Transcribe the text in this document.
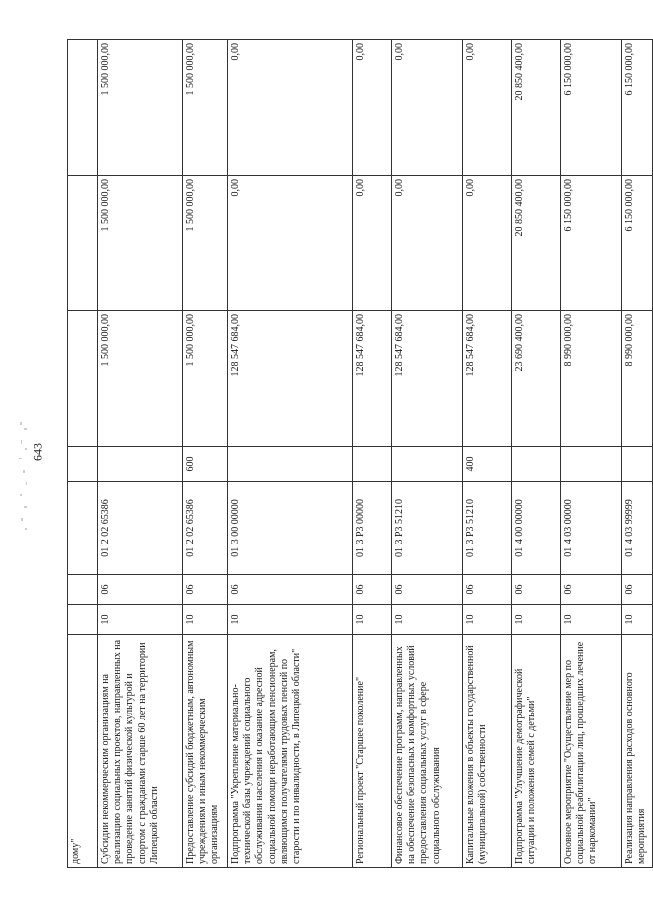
643
дому"							
Субсидии некоммерческим организациям на реализацию социальных проектов, направленных на проведение занятий физической культурой и спортом с гражданами старше 60 лет на территории Липецкой области	10	06	01 2 02 65386		1 500 000,00	1 500 000,00	1 500 000,00
Предоставление субсидий бюджетным, автономным учреждениям и иным некоммерческим организациям	10	06	01 2 02 65386	600	1 500 000,00	1 500 000,00	1 500 000,00
Подпрограмма "Укрепление материально-технической базы учреждений социального обслуживания населения и оказание адресной социальной помощи неработающим пенсионерам, являющимся получателями трудовых пенсий по старости и по инвалидности, в Липецкой области"	10	06	01 3 00 00000		128 547 684,00	0,00	0,00
Региональный проект "Старшее поколение"	10	06	01 3 P3 00000		128 547 684,00	0,00	0,00
Финансовое обеспечение программ, направленных на обеспечение безопасных и комфортных условий предоставления социальных услуг в сфере социального обслуживания	10	06	01 3 P3 51210		128 547 684,00	0,00	0,00
Капитальные вложения в объекты государственной (муниципальной) собственности	10	06	01 3 P3 51210	400	128 547 684,00	0,00	0,00
Подпрограмма "Улучшение демографической ситуации и положения семей с детьми"	10	06	01 4 00 00000		23 690 400,00	20 850 400,00	20 850 400,00
Основное мероприятие "Осуществление мер по социальной реабилитации лиц, прошедших лечение от наркомании"	10	06	01 4 03 00000		8 990 000,00	6 150 000,00	6 150 000,00
Реализация направления расходов основного мероприятия	10	06	01 4 03 99999		8 990 000,00	6 150 000,00	6 150 000,00
